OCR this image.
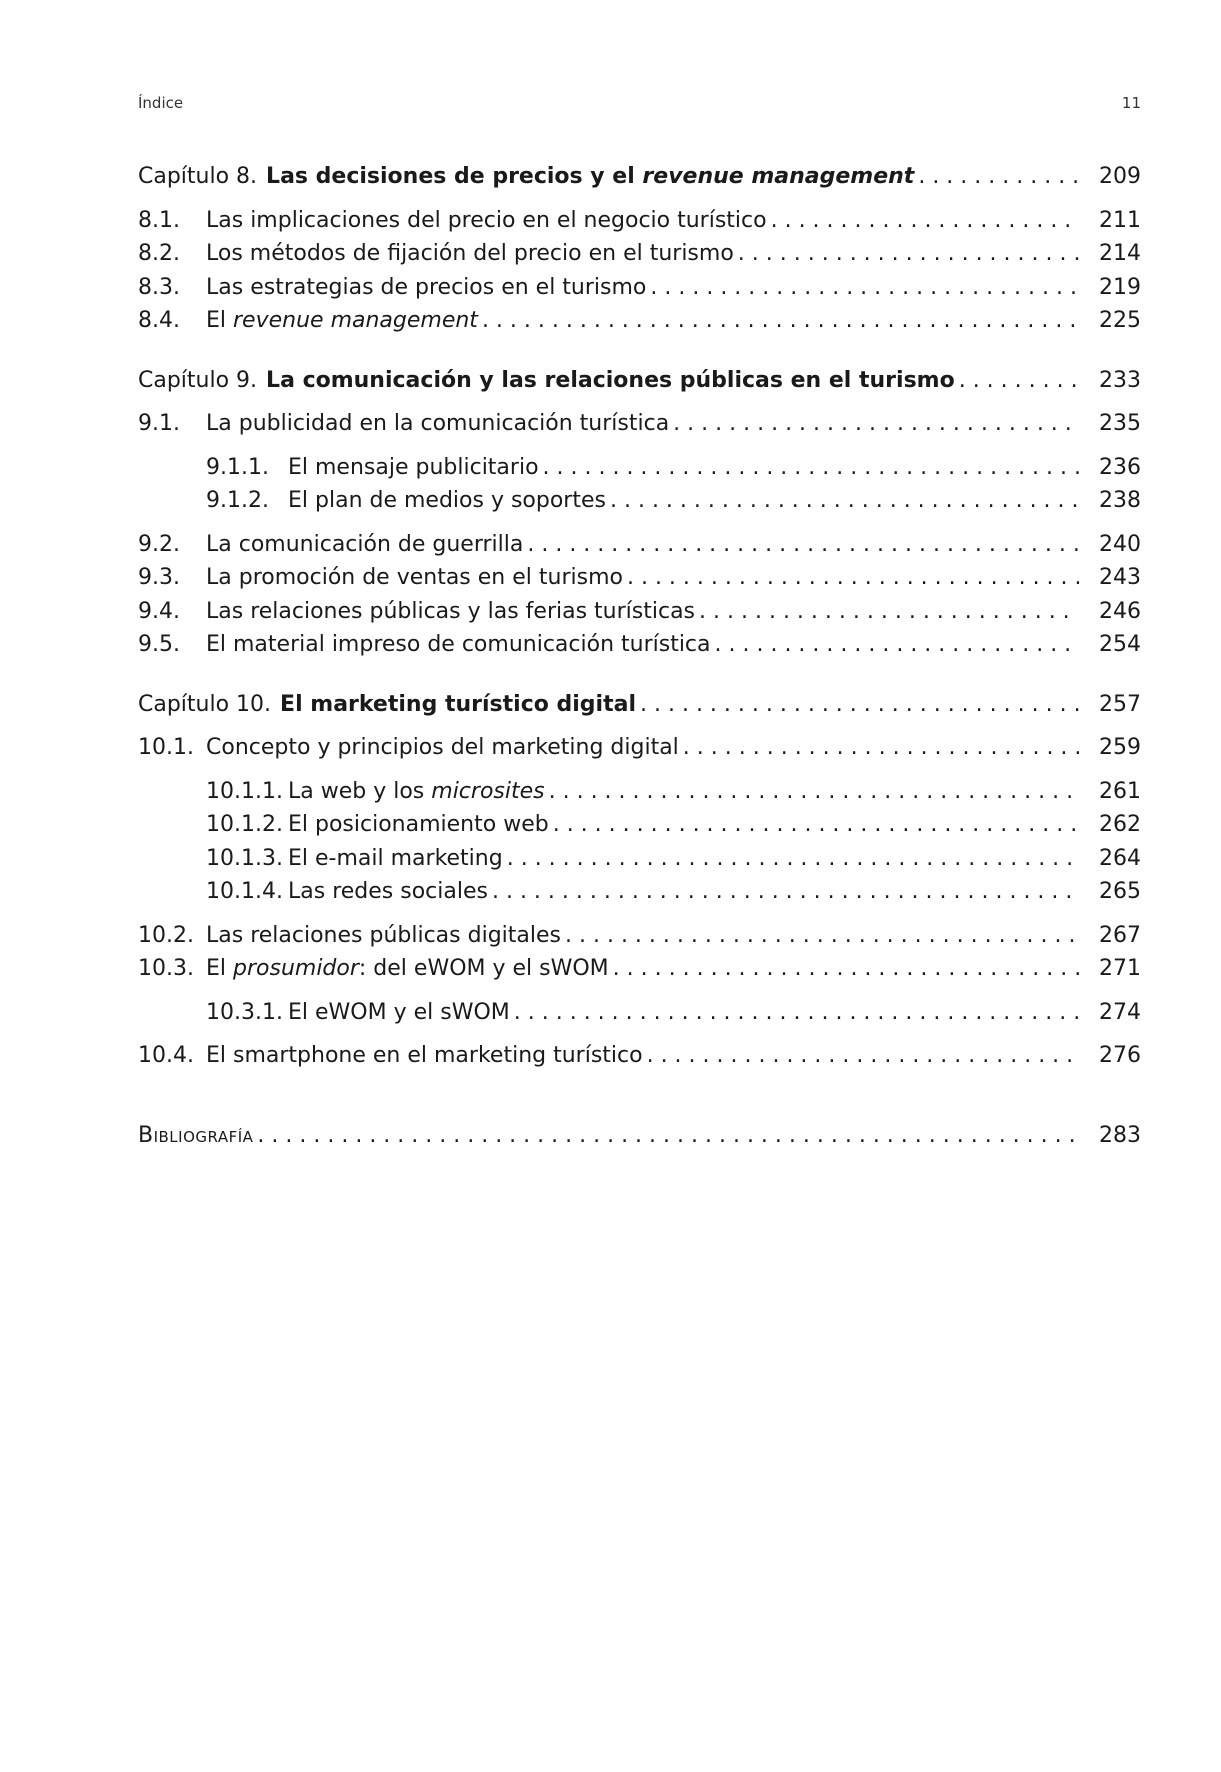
Índice	11
Capítulo 8. Las decisiones de precios y el revenue management . . .	209
8.1.	Las implicaciones del precio en el negocio turístico . . .	211
8.2.	Los métodos de fijación del precio en el turismo . . .	214
8.3.	Las estrategias de precios en el turismo . . .	219
8.4.	El revenue management . . .	225
Capítulo 9. La comunicación y las relaciones públicas en el turismo . . .	233
9.1.	La publicidad en la comunicación turística . . .	235
9.1.1. El mensaje publicitario . . .	236
9.1.2. El plan de medios y soportes . . .	238
9.2.	La comunicación de guerrilla . . .	240
9.3.	La promoción de ventas en el turismo . . .	243
9.4.	Las relaciones públicas y las ferias turísticas . . .	246
9.5.	El material impreso de comunicación turística . . .	254
Capítulo 10. El marketing turístico digital . . .	257
10.1. Concepto y principios del marketing digital . . .	259
10.1.1. La web y los microsites . . .	261
10.1.2. El posicionamiento web . . .	262
10.1.3. El e-mail marketing . . .	264
10.1.4. Las redes sociales . . .	265
10.2. Las relaciones públicas digitales . . .	267
10.3. El prosumidor: del eWOM y el sWOM . . .	271
10.3.1. El eWOM y el sWOM . . .	274
10.4. El smartphone en el marketing turístico . . .	276
Bibliografía . . .	283
